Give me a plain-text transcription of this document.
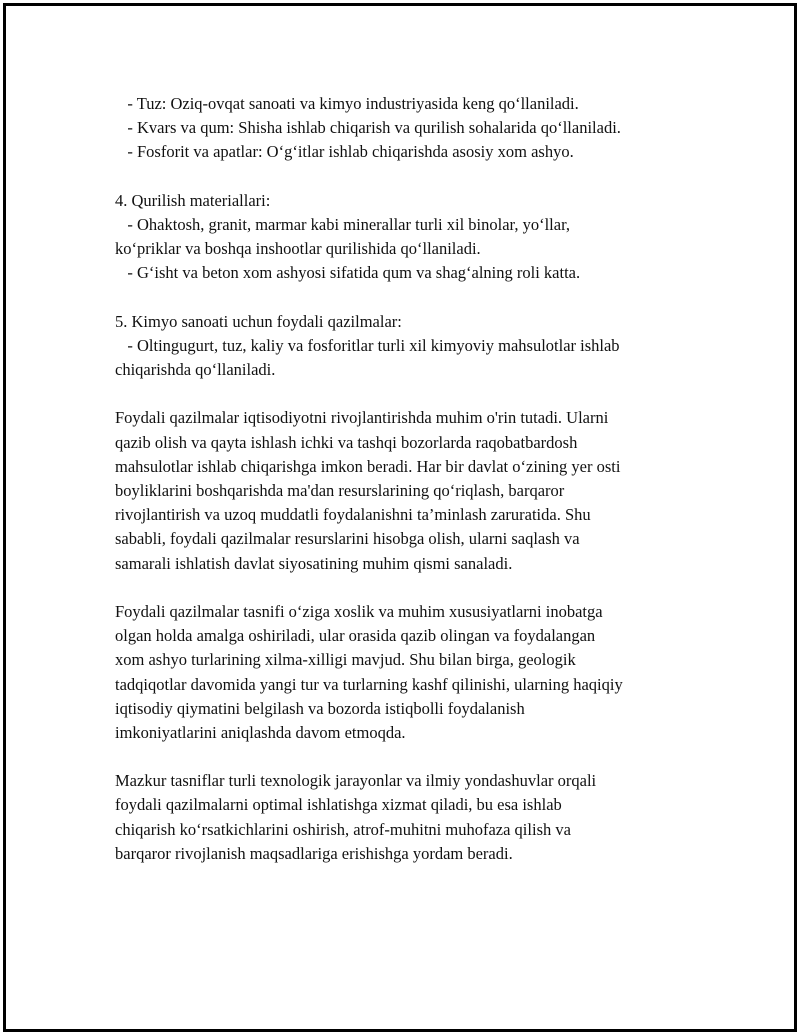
- Tuz: Oziq-ovqat sanoati va kimyo industriyasida keng qo‘llaniladi.
- Kvars va qum: Shisha ishlab chiqarish va qurilish sohalarida qo‘llaniladi.
- Fosforit va apatlar: O‘g‘itlar ishlab chiqarishda asosiy xom ashyo.
4. Qurilish materiallari:
- Ohaktosh, granit, marmar kabi minerallar turli xil binolar, yo‘llar,
ko‘priklar va boshqa inshootlar qurilishida qo‘llaniladi.
- G‘isht va beton xom ashyosi sifatida qum va shag‘alning roli katta.
5. Kimyo sanoati uchun foydali qazilmalar:
- Oltingugurt, tuz, kaliy va fosforitlar turli xil kimyoviy mahsulotlar ishlab
chiqarishda qo‘llaniladi.
Foydali qazilmalar iqtisodiyotni rivojlantirishda muhim o'rin tutadi. Ularni
qazib olish va qayta ishlash ichki va tashqi bozorlarda raqobatbardosh
mahsulotlar ishlab chiqarishga imkon beradi. Har bir davlat o‘zining yer osti
boyliklarini boshqarishda ma'dan resurslarining qo‘riqlash, barqaror
rivojlantirish va uzoq muddatli foydalanishni ta’minlash zaruratida. Shu
sababli, foydali qazilmalar resurslarini hisobga olish, ularni saqlash va
samarali ishlatish davlat siyosatining muhim qismi sanaladi.
Foydali qazilmalar tasnifi o‘ziga xoslik va muhim xususiyatlarni inobatga
olgan holda amalga oshiriladi, ular orasida qazib olingan va foydalangan
xom ashyo turlarining xilma-xilligi mavjud. Shu bilan birga, geologik
tadqiqotlar davomida yangi tur va turlarning kashf qilinishi, ularning haqiqiy
iqtisodiy qiymatini belgilash va bozorda istiqbolli foydalanish
imkoniyatlarini aniqlashda davom etmoqda.
Mazkur tasniflar turli texnologik jarayonlar va ilmiy yondashuvlar orqali
foydali qazilmalarni optimal ishlatishga xizmat qiladi, bu esa ishlab
chiqarish ko‘rsatkichlarini oshirish, atrof-muhitni muhofaza qilish va
barqaror rivojlanish maqsadlariga erishishga yordam beradi.
